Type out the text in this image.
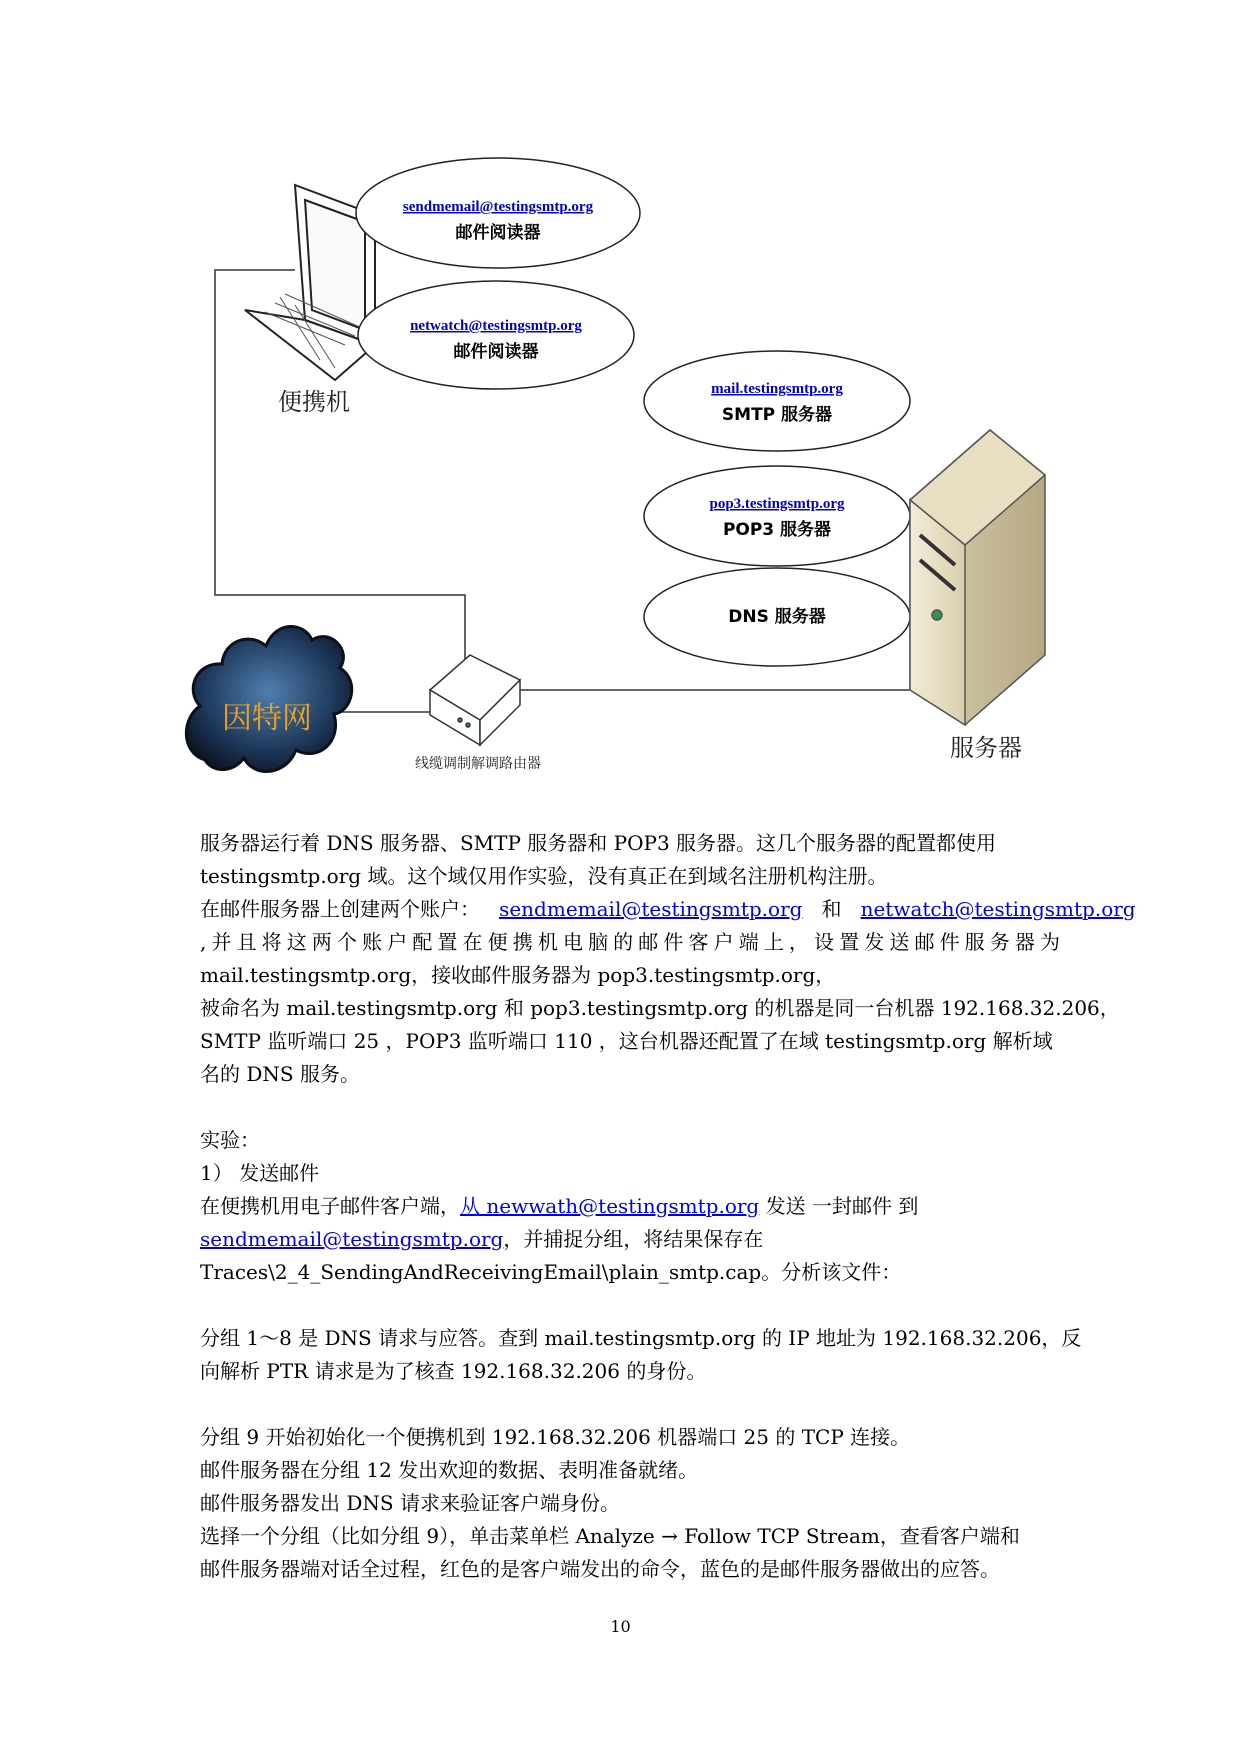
便携机
sendmemail@testingsmtp.org
邮件阅读器
netwatch@testingsmtp.org
邮件阅读器
mail.testingsmtp.org
SMTP 服务器
pop3.testingsmtp.org
POP3 服务器
DNS 服务器
服务器
因特网
线缆调制解调路由器

服务器运行着 DNS 服务器、SMTP 服务器和 POP3 服务器。这几个服务器的配置都使用

testingsmtp.org 域。这个域仅用作实验，没有真正在到域名注册机构注册。

在邮件服务器上创建两个账户： sendmemail@testingsmtp.org 和 netwatch@testingsmtp.org

,并且将这两个账户配置在便携机电脑的邮件客户端上，设置发送邮件服务器为

mail.testingsmtp.org，接收邮件服务器为 pop3.testingsmtp.org，

被命名为 mail.testingsmtp.org 和 pop3.testingsmtp.org 的机器是同一台机器 192.168.32.206，

SMTP 监听端口 25 ，POP3 监听端口 110 ，这台机器还配置了在域 testingsmtp.org 解析域

名的 DNS 服务。

实验：

1） 发送邮件

在便携机用电子邮件客户端，从 newwath@testingsmtp.org 发送 一封邮件 到

sendmemail@testingsmtp.org，并捕捉分组，将结果保存在

Traces\2_4_SendingAndReceivingEmail\plain_smtp.cap。分析该文件：

分组 1～8 是 DNS 请求与应答。查到 mail.testingsmtp.org 的 IP 地址为 192.168.32.206，反

向解析 PTR 请求是为了核查 192.168.32.206 的身份。

分组 9 开始初始化一个便携机到 192.168.32.206 机器端口 25 的 TCP 连接。

邮件服务器在分组 12 发出欢迎的数据、表明准备就绪。

邮件服务器发出 DNS 请求来验证客户端身份。

选择一个分组（比如分组 9），单击菜单栏 Analyze → Follow TCP Stream，查看客户端和

邮件服务器端对话全过程，红色的是客户端发出的命令，蓝色的是邮件服务器做出的应答。

10
